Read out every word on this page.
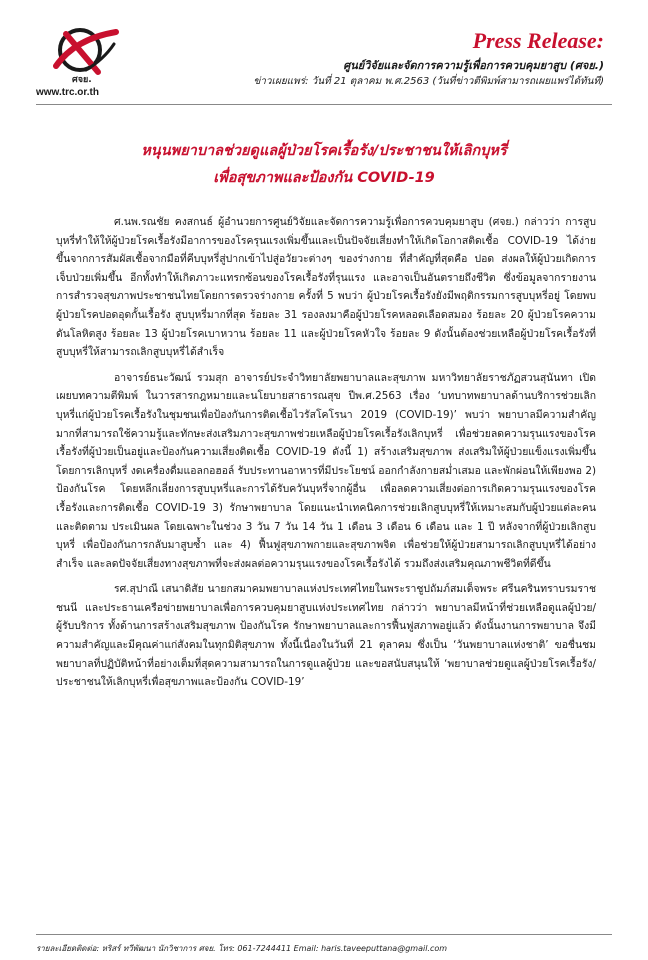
ศจย.
www.trc.or.th
Press Release:
ศูนย์วิจัยและจัดการความรู้เพื่อการควบคุมยาสูบ (ศจย.)
ข่าวเผยแพร่: วันที่ 21 ตุลาคม พ.ศ.2563 (วันที่ข่าวตีพิมพ์สามารถเผยแพร่ได้ทันที)
หนุนพยาบาลช่วยดูแลผู้ป่วยโรคเรื้อรัง/ประชาชนให้เลิกบุหรี่
เพื่อสุขภาพและป้องกัน COVID-19

ศ.นพ.รณชัย คงสกนธ์ ผู้อำนวยการศูนย์วิจัยและจัดการความรู้เพื่อการควบคุมยาสูบ (ศจย.) กล่าวว่า การสูบบุหรี่ทำให้ให้ผู้ป่วยโรคเรื้อรังมีอาการของโรครุนแรงเพิ่มขึ้นและเป็นปัจจัยเสี่ยงทำให้เกิดโอกาสติดเชื้อ COVID-19 ได้ง่ายขึ้นจากการสัมผัสเชื้อจากมือที่คีบบุหรี่สู่ปากเข้าไปสู่อวัยวะต่างๆ ของร่างกาย ที่สำคัญที่สุดคือ ปอด ส่งผลให้ผู้ป่วยเกิดการเจ็บป่วยเพิ่มขึ้น อีกทั้งทำให้เกิดภาวะแทรกซ้อนของโรคเรื้อรังที่รุนแรง และอาจเป็นอันตรายถึงชีวิต ซึ่งข้อมูลจากรายงานการสำรวจสุขภาพประชาชนไทยโดยการตรวจร่างกาย ครั้งที่ 5 พบว่า ผู้ป่วยโรคเรื้อรังยังมีพฤติกรรมการสูบบุหรี่อยู่ โดยพบผู้ป่วยโรคปอดอุดกั้นเรื้อรัง สูบบุหรี่มากที่สุด ร้อยละ 31 รองลงมาคือผู้ป่วยโรคหลอดเลือดสมอง ร้อยละ 20 ผู้ป่วยโรคความดันโลหิตสูง ร้อยละ 13 ผู้ป่วยโรคเบาหวาน ร้อยละ 11 และผู้ป่วยโรคหัวใจ ร้อยละ 9 ดังนั้นต้องช่วยเหลือผู้ป่วยโรคเรื้อรังที่สูบบุหรี่ให้สามารถเลิกสูบบุหรี่ได้สำเร็จ

อาจารย์ธนะวัฒน์ รวมสุก อาจารย์ประจำวิทยาลัยพยาบาลและสุขภาพ มหาวิทยาลัยราชภัฏสวนสุนันทา เปิดเผยบทความตีพิมพ์ ในวารสารกฎหมายและนโยบายสาธารณสุข ปีพ.ศ.2563 เรื่อง ‘บทบาทพยาบาลด้านบริการช่วยเลิกบุหรี่แก่ผู้ป่วยโรคเรื้อรังในชุมชนเพื่อป้องกันการติดเชื้อไวรัสโคโรนา 2019 (COVID-19)’ พบว่า พยาบาลมีความสำคัญมากที่สามารถใช้ความรู้และทักษะส่งเสริมภาวะสุขภาพช่วยเหลือผู้ป่วยโรคเรื้อรังเลิกบุหรี่ เพื่อช่วยลดความรุนแรงของโรคเรื้อรังที่ผู้ป่วยเป็นอยู่และป้องกันความเสี่ยงติดเชื้อ COVID-19 ดังนี้ 1) สร้างเสริมสุขภาพ ส่งเสริมให้ผู้ป่วยแข็งแรงเพิ่มขึ้นโดยการเลิกบุหรี่ งดเครื่องดื่มแอลกอฮอล์ รับประทานอาหารที่มีประโยชน์ ออกกำลังกายสม่ำเสมอ และพักผ่อนให้เพียงพอ 2) ป้องกันโรค โดยหลีกเลี่ยงการสูบบุหรี่และการได้รับควันบุหรี่จากผู้อื่น เพื่อลดความเสี่ยงต่อการเกิดความรุนแรงของโรคเรื้อรังและการติดเชื้อ COVID-19 3) รักษาพยาบาล โดยแนะนำเทคนิคการช่วยเลิกสูบบุหรี่ให้เหมาะสมกับผู้ป่วยแต่ละคน และติดตาม ประเมินผล โดยเฉพาะในช่วง 3 วัน 7 วัน 14 วัน 1 เดือน 3 เดือน 6 เดือน และ 1 ปี หลังจากที่ผู้ป่วยเลิกสูบบุหรี่ เพื่อป้องกันการกลับมาสูบซ้ำ และ 4) ฟื้นฟูสุขภาพกายและสุขภาพจิต เพื่อช่วยให้ผู้ป่วยสามารถเลิกสูบบุหรี่ได้อย่างสำเร็จ และลดปัจจัยเสี่ยงทางสุขภาพที่จะส่งผลต่อความรุนแรงของโรคเรื้อรังได้ รวมถึงส่งเสริมคุณภาพชีวิตที่ดีขึ้น

รศ.สุปาณี เสนาดิสัย นายกสมาคมพยาบาลแห่งประเทศไทยในพระราชูปถัมภ์สมเด็จพระ ศรีนครินทราบรมราชชนนี และประธานเครือข่ายพยาบาลเพื่อการควบคุมยาสูบแห่งประเทศไทย กล่าวว่า พยาบาลมีหน้าที่ช่วยเหลือดูแลผู้ป่วย/ผู้รับบริการ ทั้งด้านการสร้างเสริมสุขภาพ ป้องกันโรค รักษาพยาบาลและการฟื้นฟูสภาพอยู่แล้ว ดังนั้นงานการพยาบาล จึงมีความสำคัญและมีคุณค่าแก่สังคมในทุกมิติสุขภาพ ทั้งนี้เนื่องในวันที่ 21 ตุลาคม ซึ่งเป็น ‘วันพยาบาลแห่งชาติ’ ขอชื่นชมพยาบาลที่ปฏิบัติหน้าที่อย่างเต็มที่สุดความสามารถในการดูแลผู้ป่วย และขอสนับสนุนให้ ‘พยาบาลช่วยดูแลผู้ป่วยโรคเรื้อรัง/ประชาชนให้เลิกบุหรี่เพื่อสุขภาพและป้องกัน COVID-19’

รายละเอียดติดต่อ: หริสร์ ทวีพัฒนา นักวิชาการ ศจย. โทร: 061-7244411 Email: haris.taveeputtana@gmail.com
